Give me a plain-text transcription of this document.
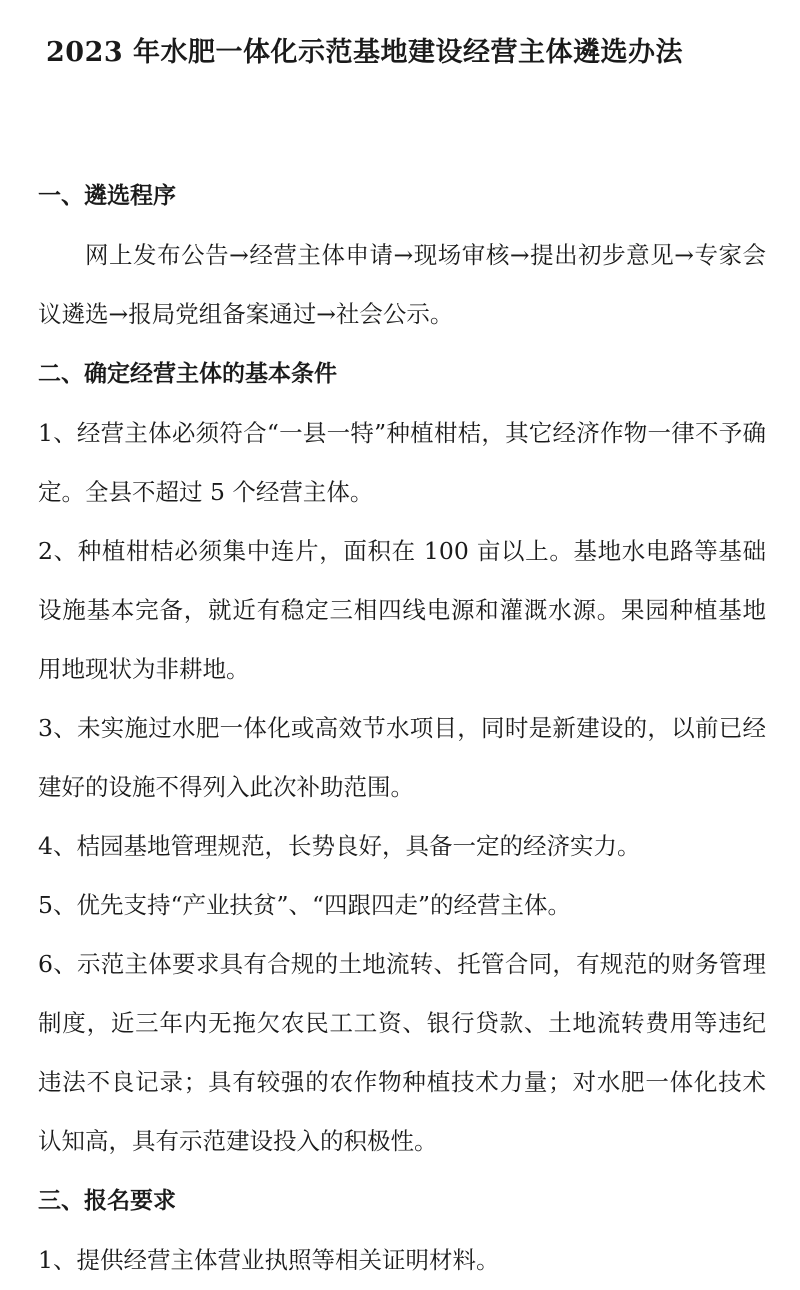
2023 年水肥一体化示范基地建设经营主体遴选办法
一、遴选程序

网上发布公告→经营主体申请→现场审核→提出初步意见→专家会议遴选→报局党组备案通过→社会公示。

二、确定经营主体的基本条件

1、经营主体必须符合“一县一特”种植柑桔，其它经济作物一律不予确定。全县不超过 5 个经营主体。

2、种植柑桔必须集中连片，面积在 100 亩以上。基地水电路等基础设施基本完备，就近有稳定三相四线电源和灌溉水源。果园种植基地用地现状为非耕地。

3、未实施过水肥一体化或高效节水项目，同时是新建设的，以前已经建好的设施不得列入此次补助范围。

4、桔园基地管理规范，长势良好，具备一定的经济实力。

5、优先支持“产业扶贫”、“四跟四走”的经营主体。

6、示范主体要求具有合规的土地流转、托管合同，有规范的财务管理制度，近三年内无拖欠农民工工资、银行贷款、土地流转费用等违纪违法不良记录；具有较强的农作物种植技术力量；对水肥一体化技术认知高，具有示范建设投入的积极性。

三、报名要求

1、提供经营主体营业执照等相关证明材料。
